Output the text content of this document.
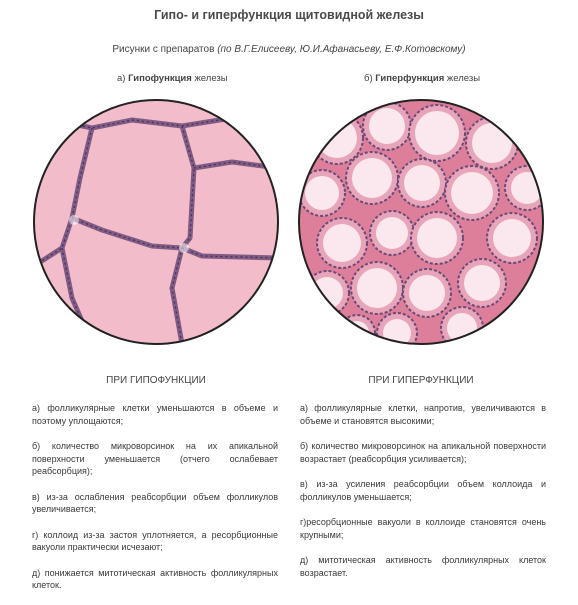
Гипо- и гиперфункция щитовидной железы
Рисунки с препаратов (по В.Г.Елисееву, Ю.И.Афанасьеву, Е.Ф.Котовскому)
а) Гипофункция железы	б) Гиперфункция железы
ПРИ ГИПОФУНКЦИИ	ПРИ ГИПЕРФУНКЦИИ

а) фолликулярные клетки уменьшаются в объеме и поэтому уплощаются;

б) количество микроворсинок на их апикальной поверхности уменьшается (отчего ослабевает реабсорбция);

в) из-за ослабления реабсорбции объем фолликулов увеличивается;

г) коллоид из-за застоя уплотняется, а ресорбционные вакуоли практически исчезают;

д) понижается митотическая активность фолликулярных клеток.

а) фолликулярные клетки, напротив, увеличиваются в объеме и становятся высокими;

б) количество микроворсинок на апикальной поверхности возрастает (реабсорбция усиливается);

в) из-за усиления реабсорбции объем коллоида и фолликулов уменьшается;

г)ресорбционные вакуоли в коллоиде становятся очень крупными;

д) митотическая активность фолликулярных клеток возрастает.
